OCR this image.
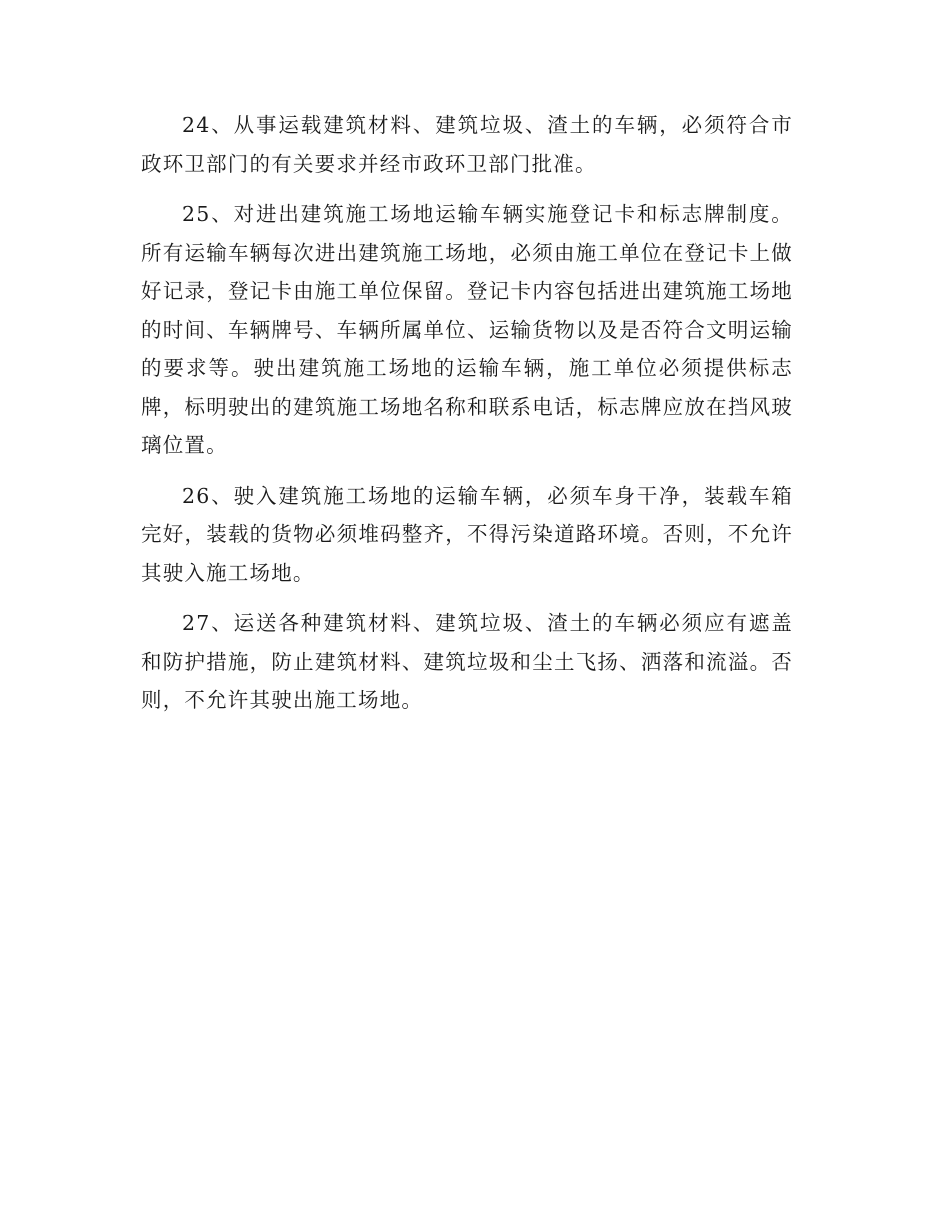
24、从事运载建筑材料、建筑垃圾、渣土的车辆，必须符合市政环卫部门的有关要求并经市政环卫部门批准。

25、对进出建筑施工场地运输车辆实施登记卡和标志牌制度。所有运输车辆每次进出建筑施工场地，必须由施工单位在登记卡上做好记录，登记卡由施工单位保留。登记卡内容包括进出建筑施工场地的时间、车辆牌号、车辆所属单位、运输货物以及是否符合文明运输的要求等。驶出建筑施工场地的运输车辆，施工单位必须提供标志牌，标明驶出的建筑施工场地名称和联系电话，标志牌应放在挡风玻璃位置。

26、驶入建筑施工场地的运输车辆，必须车身干净，装载车箱完好，装载的货物必须堆码整齐，不得污染道路环境。否则，不允许其驶入施工场地。

27、运送各种建筑材料、建筑垃圾、渣土的车辆必须应有遮盖和防护措施，防止建筑材料、建筑垃圾和尘土飞扬、洒落和流溢。否则，不允许其驶出施工场地。
